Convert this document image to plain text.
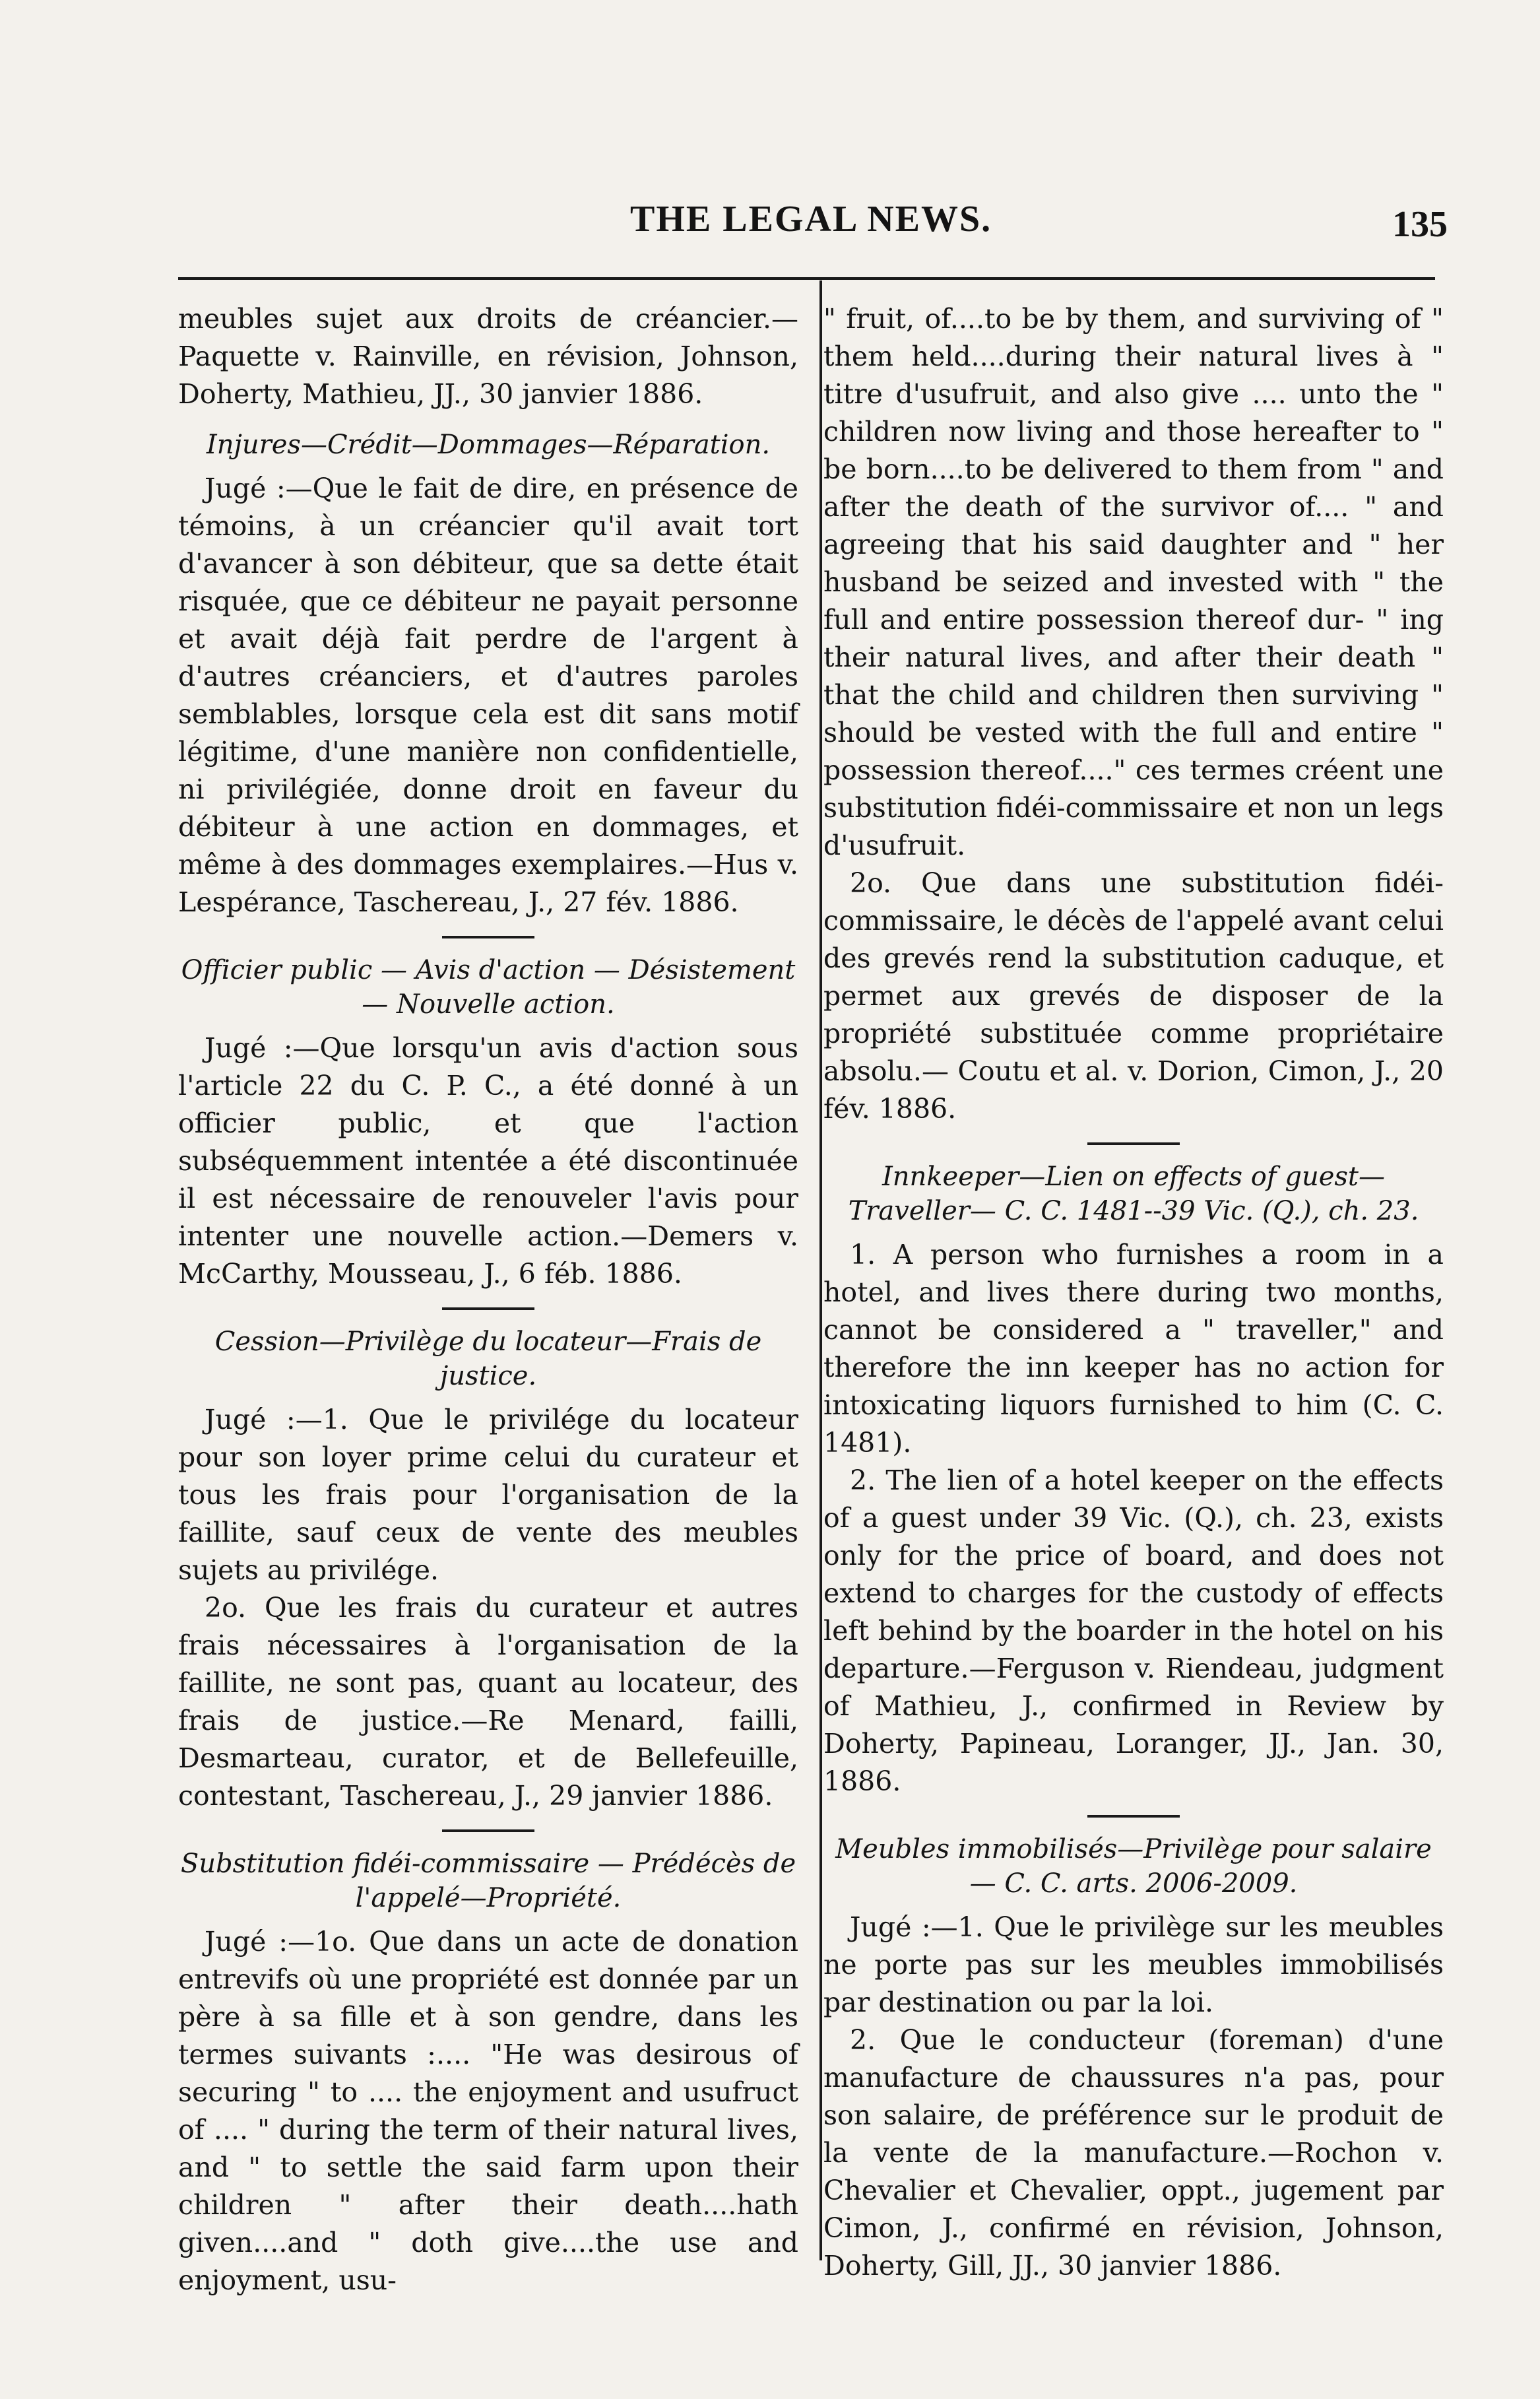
THE LEGAL NEWS.	135

meubles sujet aux droits de créancier.— Paquette v. Rainville, en révision, Johnson, Doherty, Mathieu, JJ., 30 janvier 1886.

Injures—Crédit—Dommages—Réparation.

Jugé :—Que le fait de dire, en présence de témoins, à un créancier qu'il avait tort d'avancer à son débiteur, que sa dette était risquée, que ce débiteur ne payait personne et avait déjà fait perdre de l'argent à d'autres créanciers, et d'autres paroles semblables, lorsque cela est dit sans motif légitime, d'une manière non confidentielle, ni privilégiée, donne droit en faveur du débiteur à une action en dommages, et même à des dommages exemplaires.—Hus v. Lespérance, Taschereau, J., 27 fév. 1886.

Officier public — Avis d'action — Désistement— Nouvelle action.

Jugé :—Que lorsqu'un avis d'action sous l'article 22 du C. P. C., a été donné à un officier public, et que l'action subséquemment intentée a été discontinuée il est nécessaire de renouveler l'avis pour intenter une nouvelle action.—Demers v. McCarthy, Mousseau, J., 6 féb. 1886.

Cession—Privilège du locateur—Frais de justice.

Jugé :—1. Que le privilége du locateur pour son loyer prime celui du curateur et tous les frais pour l'organisation de la faillite, sauf ceux de vente des meubles sujets au privilége.

2o. Que les frais du curateur et autres frais nécessaires à l'organisation de la faillite, ne sont pas, quant au locateur, des frais de justice.—Re Menard, failli, Desmarteau, curator, et de Bellefeuille, contestant, Taschereau, J., 29 janvier 1886.

Substitution fidéi-commissaire — Prédécès de l'appelé—Propriété.

Jugé :—1o. Que dans un acte de donation entrevifs où une propriété est donnée par un père à sa fille et à son gendre, dans les termes suivants :.... "He was desirous of securing " to .... the enjoyment and usufruct of .... " during the term of their natural lives, and " to settle the said farm upon their children " after their death....hath given....and " doth give....the use and enjoyment, usu-

" fruit, of....to be by them, and surviving of " them held....during their natural lives à " titre d'usufruit, and also give .... unto the " children now living and those hereafter to " be born....to be delivered to them from " and after the death of the survivor of.... " and agreeing that his said daughter and " her husband be seized and invested with " the full and entire possession thereof dur- " ing their natural lives, and after their death " that the child and children then surviving " should be vested with the full and entire " possession thereof...." ces termes créent une substitution fidéi-commissaire et non un legs d'usufruit.

2o. Que dans une substitution fidéi-commissaire, le décès de l'appelé avant celui des grevés rend la substitution caduque, et permet aux grevés de disposer de la propriété substituée comme propriétaire absolu.— Coutu et al. v. Dorion, Cimon, J., 20 fév. 1886.

Innkeeper—Lien on effects of guest—Traveller— C. C. 1481--39 Vic. (Q.), ch. 23.

1. A person who furnishes a room in a hotel, and lives there during two months, cannot be considered a " traveller," and therefore the inn keeper has no action for intoxicating liquors furnished to him (C. C. 1481).

2. The lien of a hotel keeper on the effects of a guest under 39 Vic. (Q.), ch. 23, exists only for the price of board, and does not extend to charges for the custody of effects left behind by the boarder in the hotel on his departure.—Ferguson v. Riendeau, judgment of Mathieu, J., confirmed in Review by Doherty, Papineau, Loranger, JJ., Jan. 30, 1886.

Meubles immobilisés—Privilège pour salaire— C. C. arts. 2006-2009.

Jugé :—1. Que le privilège sur les meubles ne porte pas sur les meubles immobilisés par destination ou par la loi.

2. Que le conducteur (foreman) d'une manufacture de chaussures n'a pas, pour son salaire, de préférence sur le produit de la vente de la manufacture.—Rochon v. Chevalier et Chevalier, oppt., jugement par Cimon, J., confirmé en révision, Johnson, Doherty, Gill, JJ., 30 janvier 1886.
